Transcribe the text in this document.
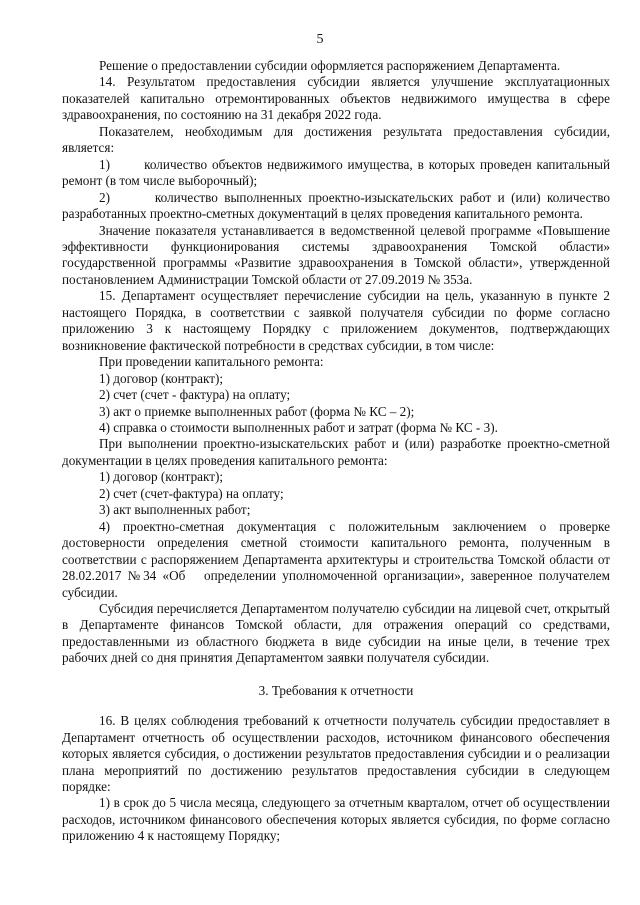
5

Решение о предоставлении субсидии оформляется распоряжением Департамента.

14. Результатом предоставления субсидии является улучшение эксплуатационных показателей капитально отремонтированных объектов недвижимого имущества в сфере здравоохранения, по состоянию на 31 декабря 2022 года.

Показателем, необходимым для достижения результата предоставления субсидии, является:

1)       количество объектов недвижимого имущества, в которых проведен капитальный ремонт (в том числе выборочный);

2)       количество выполненных проектно-изыскательских работ и (или) количество разработанных проектно-сметных документаций в целях проведения капитального ремонта.

Значение показателя устанавливается в ведомственной целевой программе «Повышение эффективности функционирования системы здравоохранения Томской области» государственной программы «Развитие здравоохранения в Томской области», утвержденной постановлением Администрации Томской области от 27.09.2019 № 353а.

15. Департамент осуществляет перечисление субсидии на цель, указанную в пункте 2 настоящего Порядка, в соответствии с заявкой получателя субсидии по форме согласно приложению 3 к настоящему Порядку с приложением документов, подтверждающих возникновение фактической потребности в средствах субсидии, в том числе:

При проведении капитального ремонта:

1) договор (контракт);

2) счет (счет - фактура) на оплату;

3) акт о приемке выполненных работ (форма № КС – 2);

4) справка о стоимости выполненных работ и затрат (форма № КС - 3).

При выполнении проектно-изыскательских работ и (или) разработке проектно-сметной документации в целях проведения капитального ремонта:

1) договор (контракт);

2) счет (счет-фактура) на оплату;

3) акт выполненных работ;

4) проектно-сметная документация с положительным заключением о проверке достоверности определения сметной стоимости капитального ремонта, полученным в соответствии с распоряжением Департамента архитектуры и строительства Томской области от 28.02.2017 №34 «Об   определении уполномоченной организации», заверенное получателем субсидии.

Субсидия перечисляется Департаментом получателю субсидии на лицевой счет, открытый в Департаменте финансов Томской области, для отражения операций со средствами, предоставленными из областного бюджета в виде субсидии на иные цели, в течение трех рабочих дней со дня принятия Департаментом заявки получателя субсидии.

3. Требования к отчетности

16. В целях соблюдения требований к отчетности получатель субсидии предоставляет в Департамент отчетность об осуществлении расходов, источником финансового обеспечения которых является субсидия, о достижении результатов предоставления субсидии и о реализации плана мероприятий по достижению результатов предоставления субсидии в следующем порядке:

1) в срок до 5 числа месяца, следующего за отчетным кварталом, отчет об осуществлении расходов, источником финансового обеспечения которых является субсидия, по форме согласно приложению 4 к настоящему Порядку;
